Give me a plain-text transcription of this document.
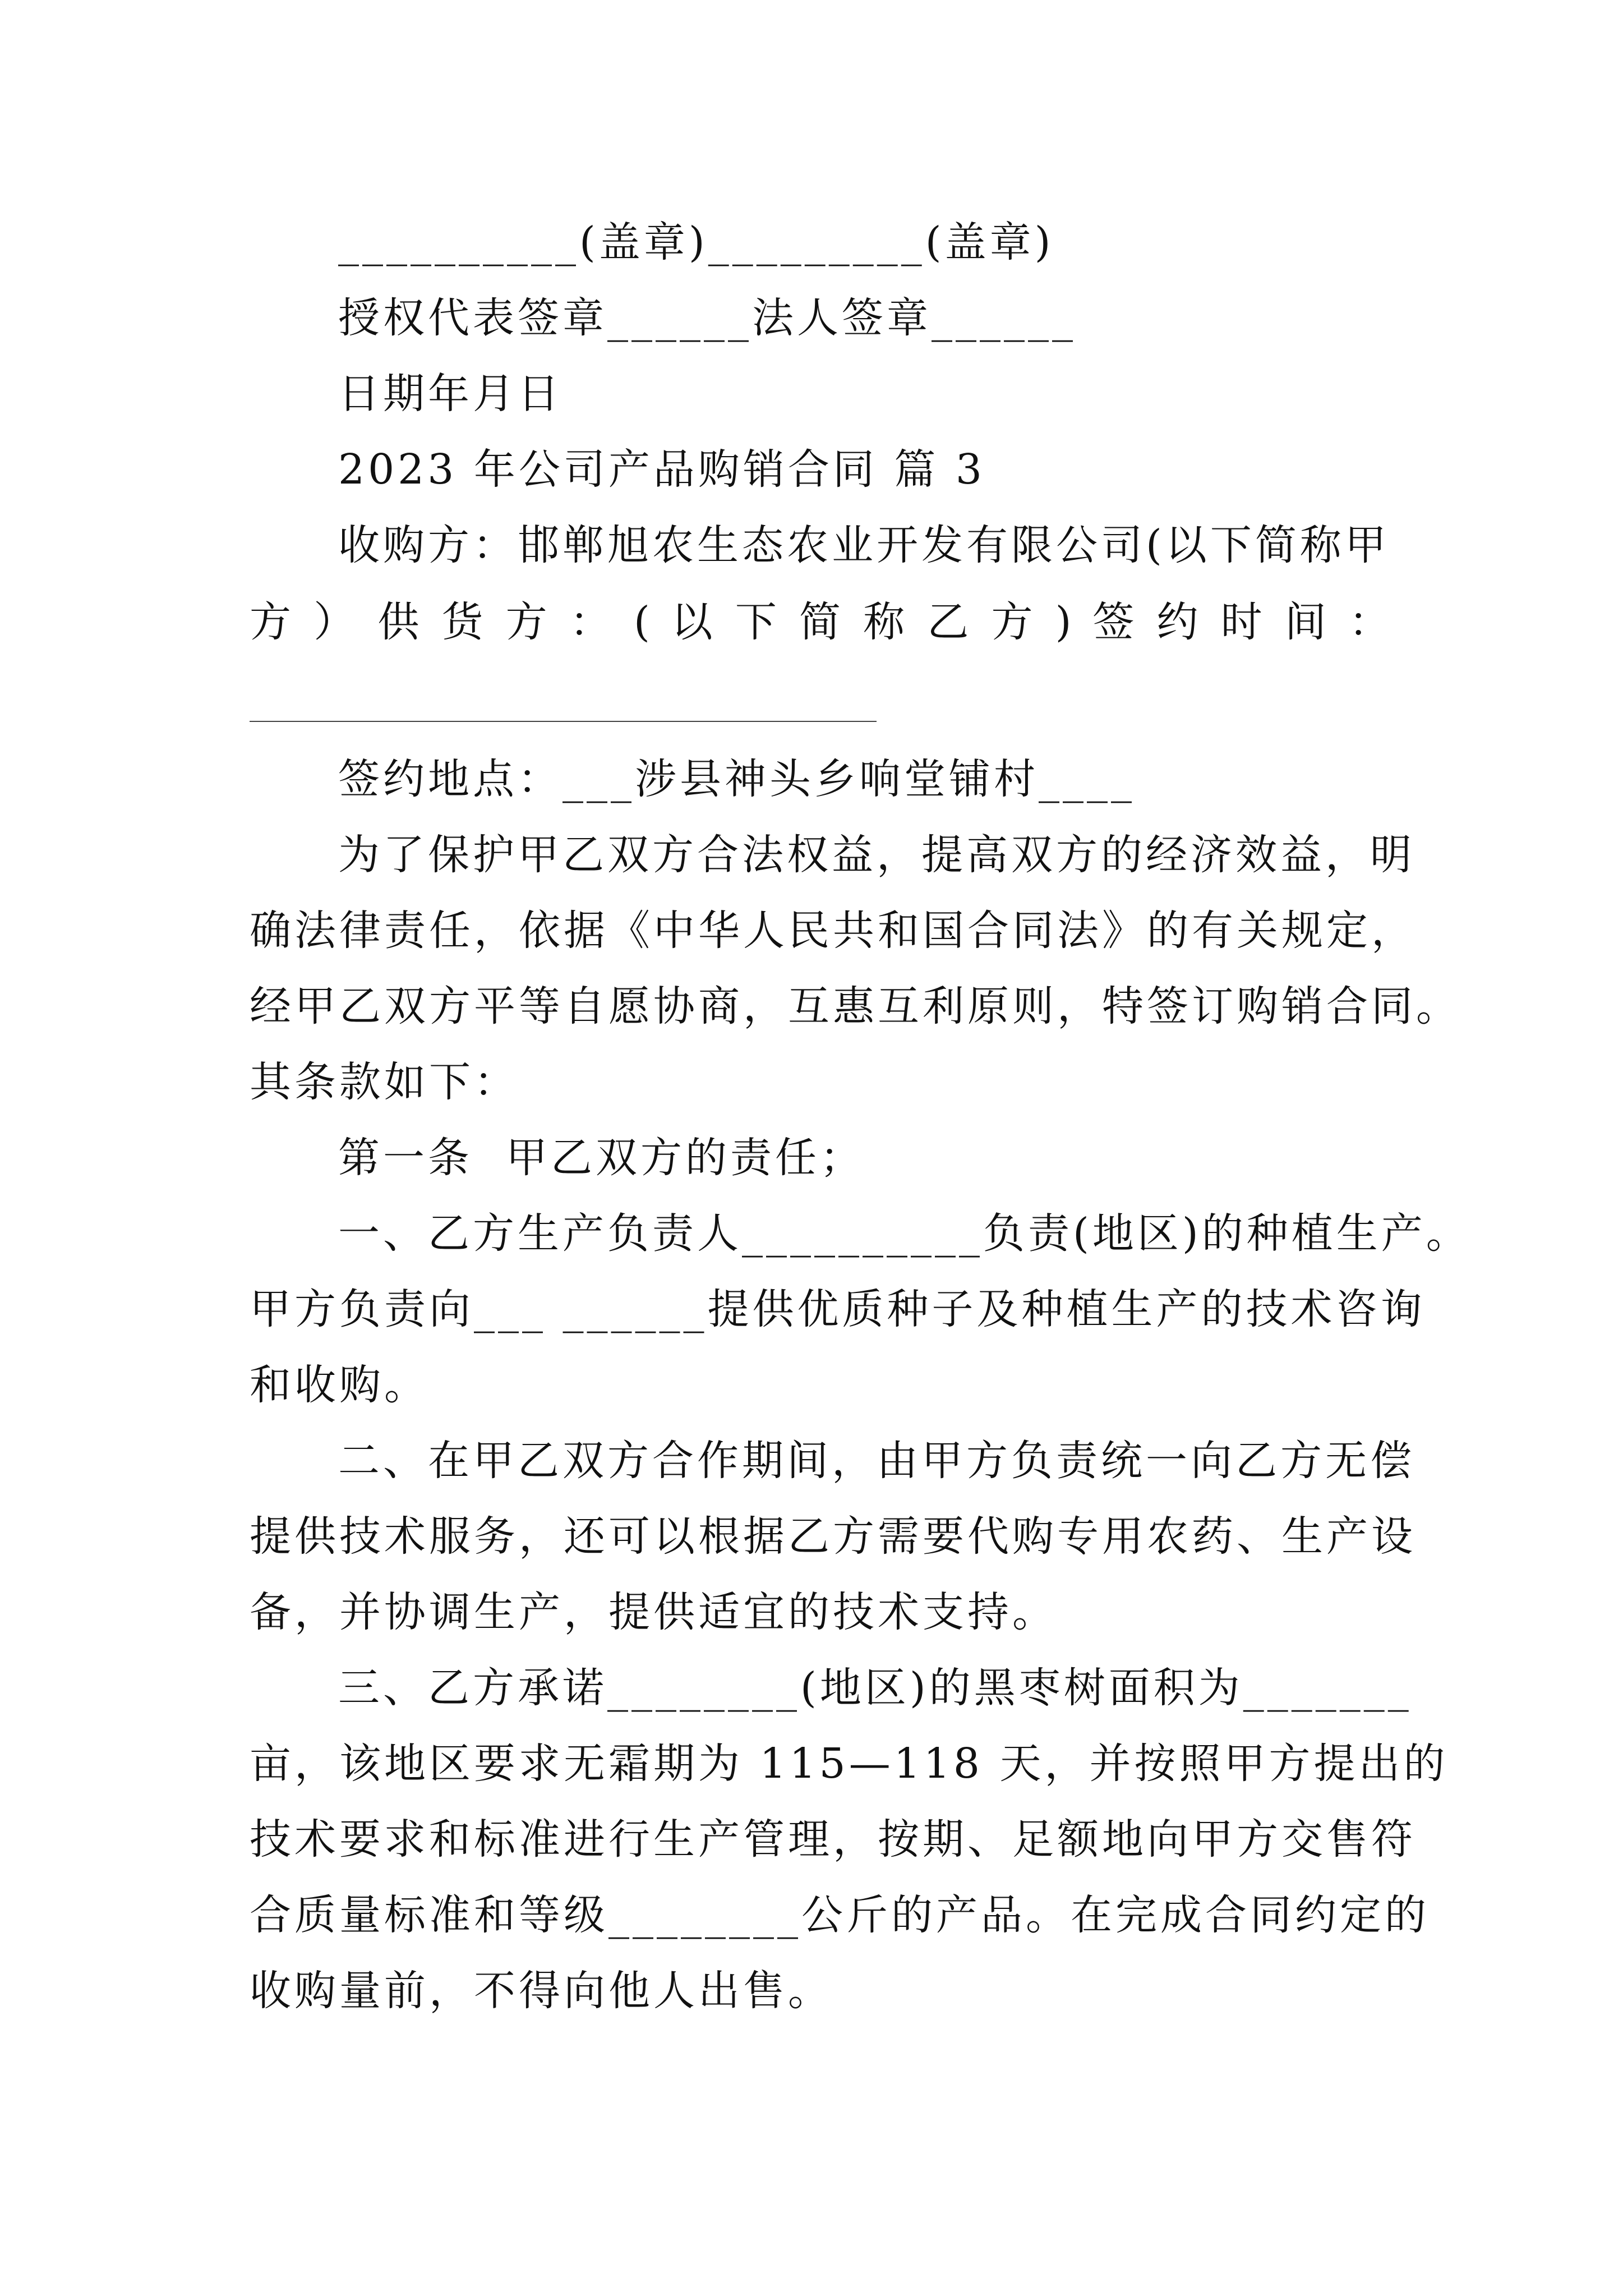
__________(盖章)_________(盖章)
授权代表签章______法人签章______
日期年月日
2023 年公司产品购销合同 篇 3
收购方：邯郸旭农生态农业开发有限公司(以下简称甲
方 ） 供 货 方 ： ( 以 下 简 称 乙 方 ) 签 约 时 间 ：
签约地点：___涉县神头乡响堂铺村____
为了保护甲乙双方合法权益，提高双方的经济效益，明
确法律责任，依据《中华人民共和国合同法》的有关规定，
经甲乙双方平等自愿协商，互惠互利原则，特签订购销合同。
其条款如下：
第一条  甲乙双方的责任；
一、乙方生产负责人__________负责(地区)的种植生产。
甲方负责向___ ______提供优质种子及种植生产的技术咨询
和收购。
二、在甲乙双方合作期间，由甲方负责统一向乙方无偿
提供技术服务，还可以根据乙方需要代购专用农药、生产设
备，并协调生产，提供适宜的技术支持。
三、乙方承诺________(地区)的黑枣树面积为_______
亩，该地区要求无霜期为 115—118 天，并按照甲方提出的
技术要求和标准进行生产管理，按期、足额地向甲方交售符
合质量标准和等级________公斤的产品。在完成合同约定的
收购量前，不得向他人出售。
